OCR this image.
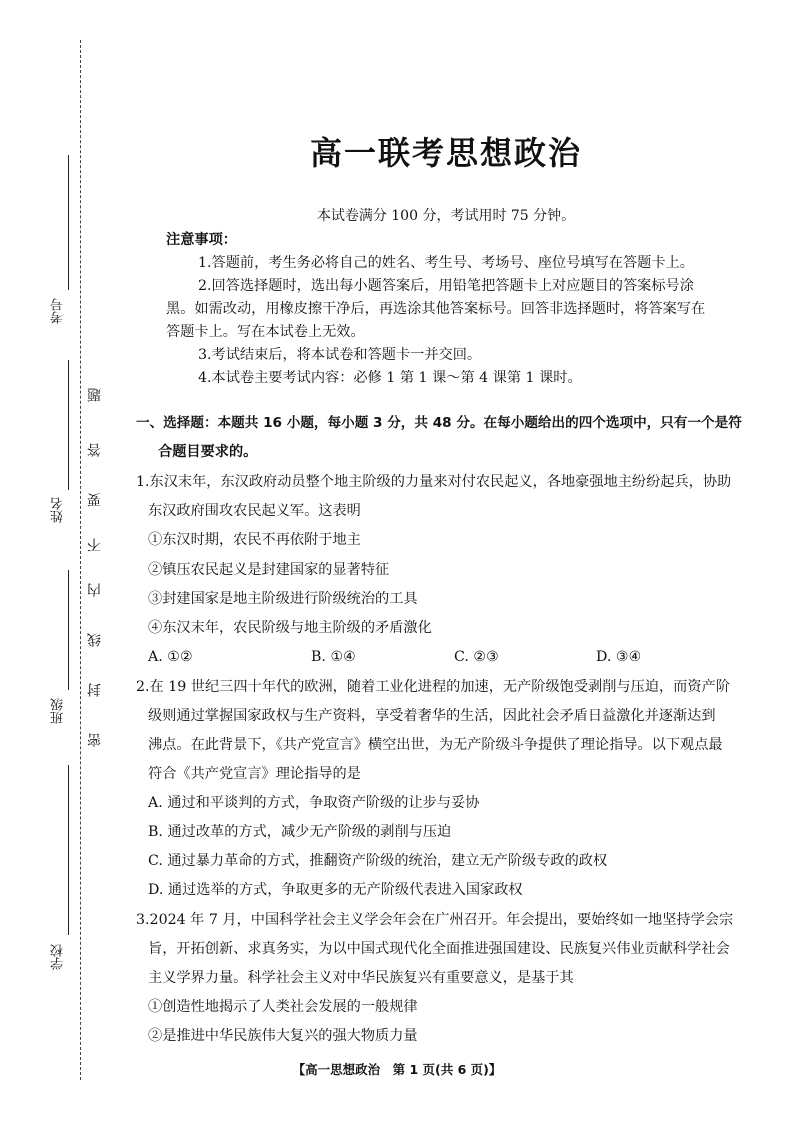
考号
姓名
班级
学校
题
答
要
不
内
线
封
密
高一联考思想政治
本试卷满分 100 分，考试用时 75 分钟。
注意事项：
1.答题前，考生务必将自己的姓名、考生号、考场号、座位号填写在答题卡上。
2.回答选择题时，选出每小题答案后，用铅笔把答题卡上对应题目的答案标号涂
黑。如需改动，用橡皮擦干净后，再选涂其他答案标号。回答非选择题时，将答案写在
答题卡上。写在本试卷上无效。
3.考试结束后，将本试卷和答题卡一并交回。
4.本试卷主要考试内容：必修 1 第 1 课～第 4 课第 1 课时。
一、选择题：本题共 16 小题，每小题 3 分，共 48 分。在每小题给出的四个选项中，只有一个是符
合题目要求的。
1.东汉末年，东汉政府动员整个地主阶级的力量来对付农民起义，各地豪强地主纷纷起兵，协助
东汉政府围攻农民起义军。这表明
①东汉时期，农民不再依附于地主
②镇压农民起义是封建国家的显著特征
③封建国家是地主阶级进行阶级统治的工具
④东汉末年，农民阶级与地主阶级的矛盾激化
A. ①②	B. ①④	C. ②③	D. ③④
2.在 19 世纪三四十年代的欧洲，随着工业化进程的加速，无产阶级饱受剥削与压迫，而资产阶
级则通过掌握国家政权与生产资料，享受着奢华的生活，因此社会矛盾日益激化并逐渐达到
沸点。在此背景下，《共产党宣言》横空出世，为无产阶级斗争提供了理论指导。以下观点最
符合《共产党宣言》理论指导的是
A. 通过和平谈判的方式，争取资产阶级的让步与妥协
B. 通过改革的方式，减少无产阶级的剥削与压迫
C. 通过暴力革命的方式，推翻资产阶级的统治，建立无产阶级专政的政权
D. 通过选举的方式，争取更多的无产阶级代表进入国家政权
3.2024 年 7 月，中国科学社会主义学会年会在广州召开。年会提出，要始终如一地坚持学会宗
旨，开拓创新、求真务实，为以中国式现代化全面推进强国建设、民族复兴伟业贡献科学社会
主义学界力量。科学社会主义对中华民族复兴有重要意义，是基于其
①创造性地揭示了人类社会发展的一般规律
②是推进中华民族伟大复兴的强大物质力量
【高一思想政治　第 1 页(共 6 页)】
